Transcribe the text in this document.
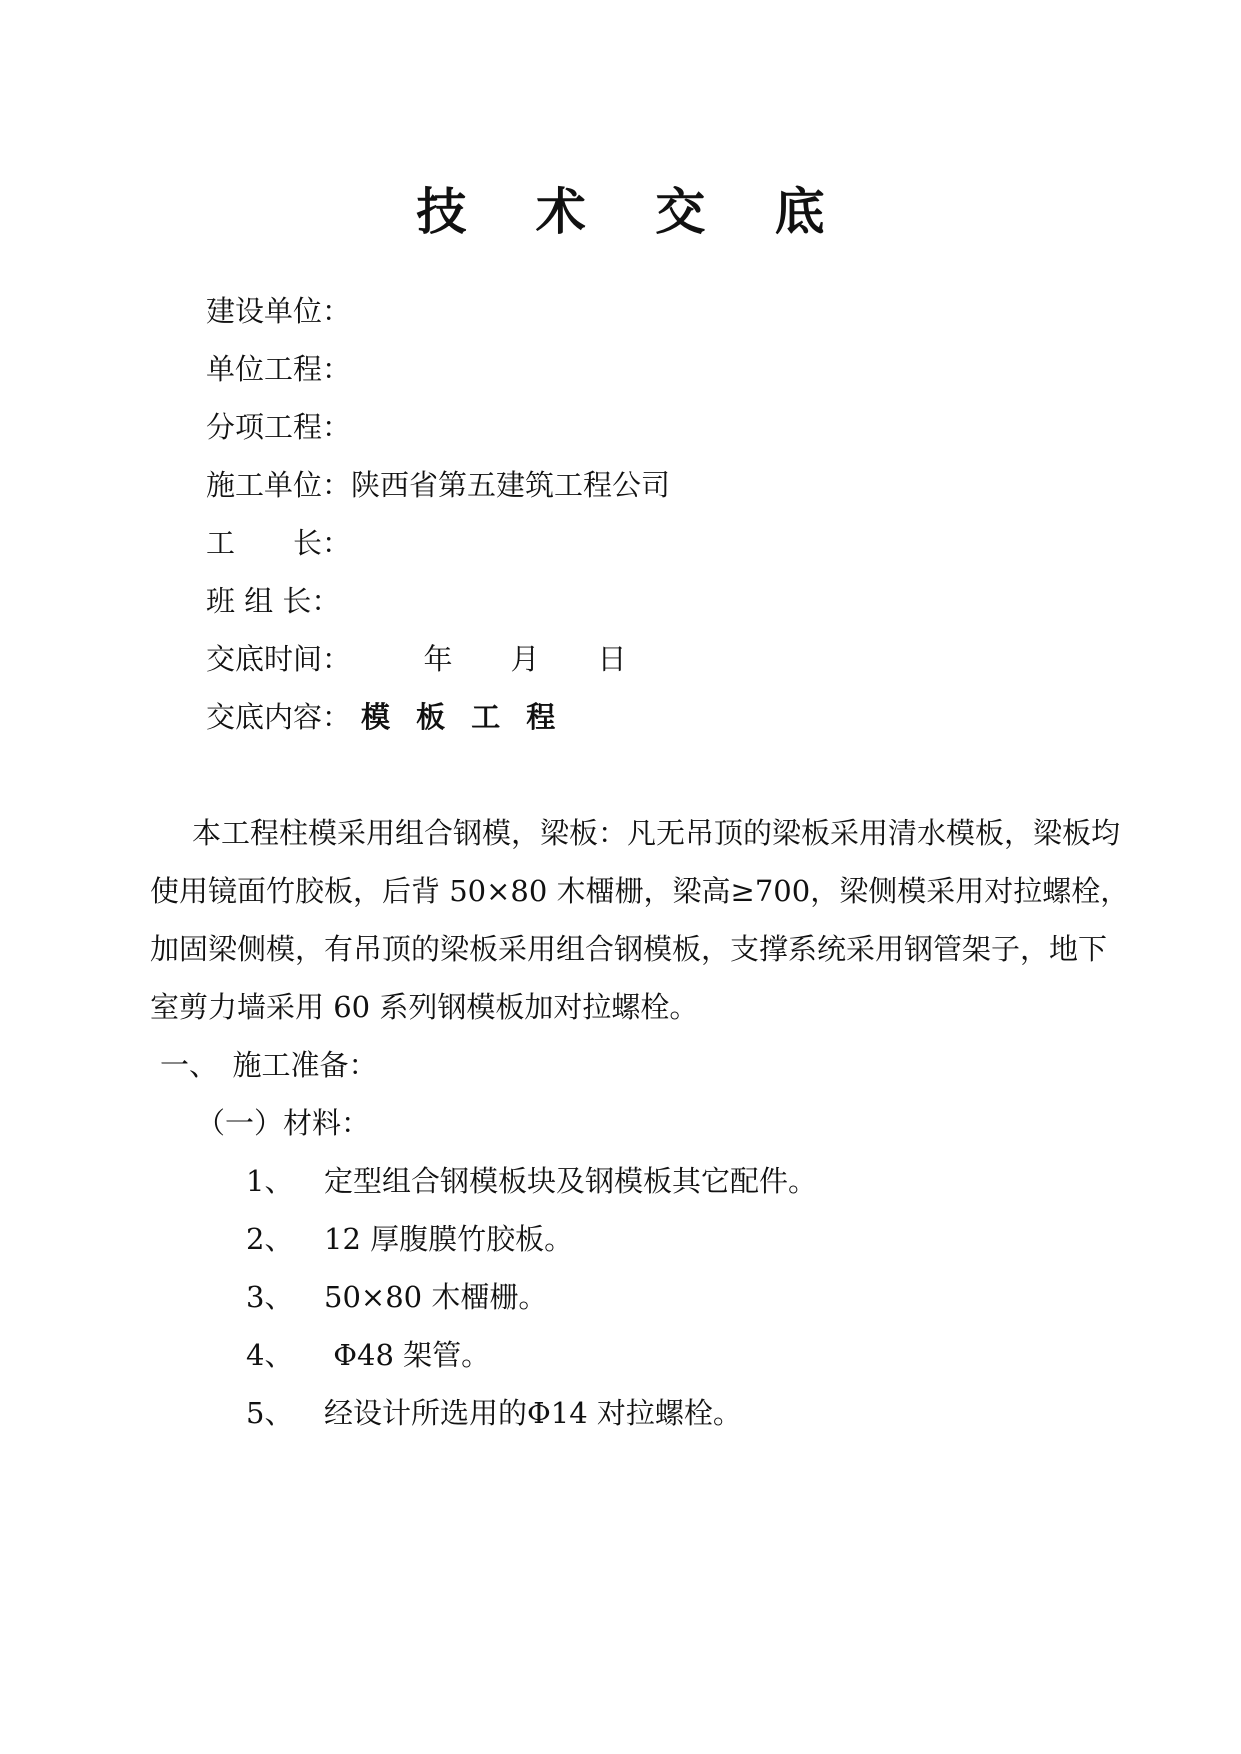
技 术 交 底
建设单位：
单位工程：
分项工程：
施工单位：陕西省第五建筑工程公司
工　　长：
班 组 长：
交底时间：　　　年　　月　　日
交底内容： 模 板 工 程
本工程柱模采用组合钢模，梁板：凡无吊顶的梁板采用清水模板，梁板均
使用镜面竹胶板，后背 50×80 木橊栅，梁高≥700，梁侧模采用对拉螺栓，
加固梁侧模，有吊顶的梁板采用组合钢模板，支撑系统采用钢管架子，地下
室剪力墙采用 60 系列钢模板加对拉螺栓。
一、　施工准备：
（一）材料：
1、 定型组合钢模板块及钢模板其它配件。
2、 12 厚腹膜竹胶板。
3、 50×80 木橊栅。
4、 Φ48 架管。
5、 经设计所选用的Φ14 对拉螺栓。
